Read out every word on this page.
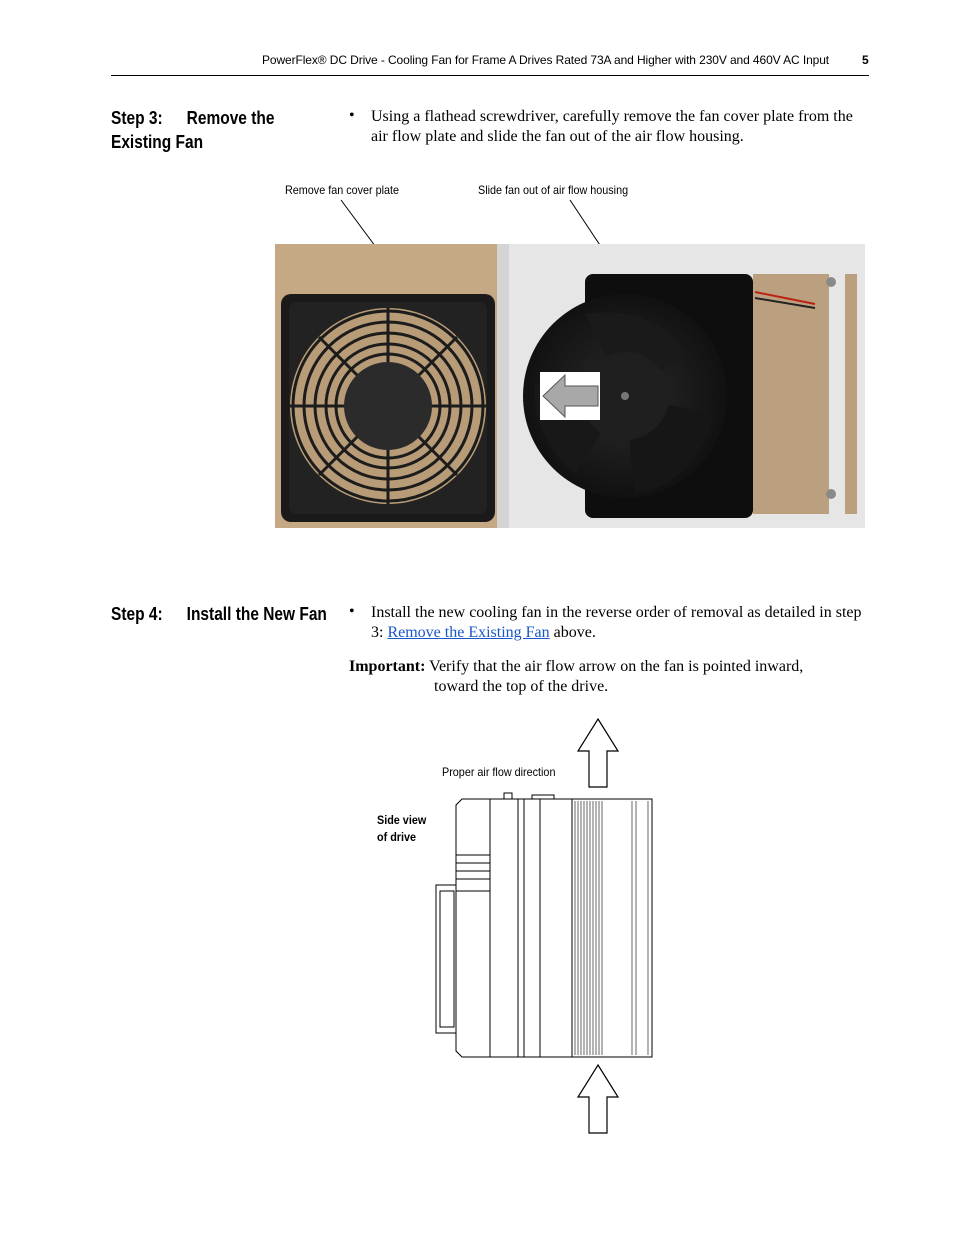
PowerFlex® DC Drive - Cooling Fan for Frame A Drives Rated 73A and Higher with 230V and 460V AC Input	5
Step 3: Remove the
Existing Fan
• Using a flathead screwdriver, carefully remove the fan cover plate from the air flow plate and slide the fan out of the air flow housing.
Remove fan cover plate	Slide fan out of air flow housing
Step 4: Install the New Fan • Install the new cooling fan in the reverse order of removal as detailed in step 3: Remove the Existing Fan above.
Important: Verify that the air flow arrow on the fan is pointed inward,
toward the top of the drive.
Proper air flow direction
Side view
of drive
